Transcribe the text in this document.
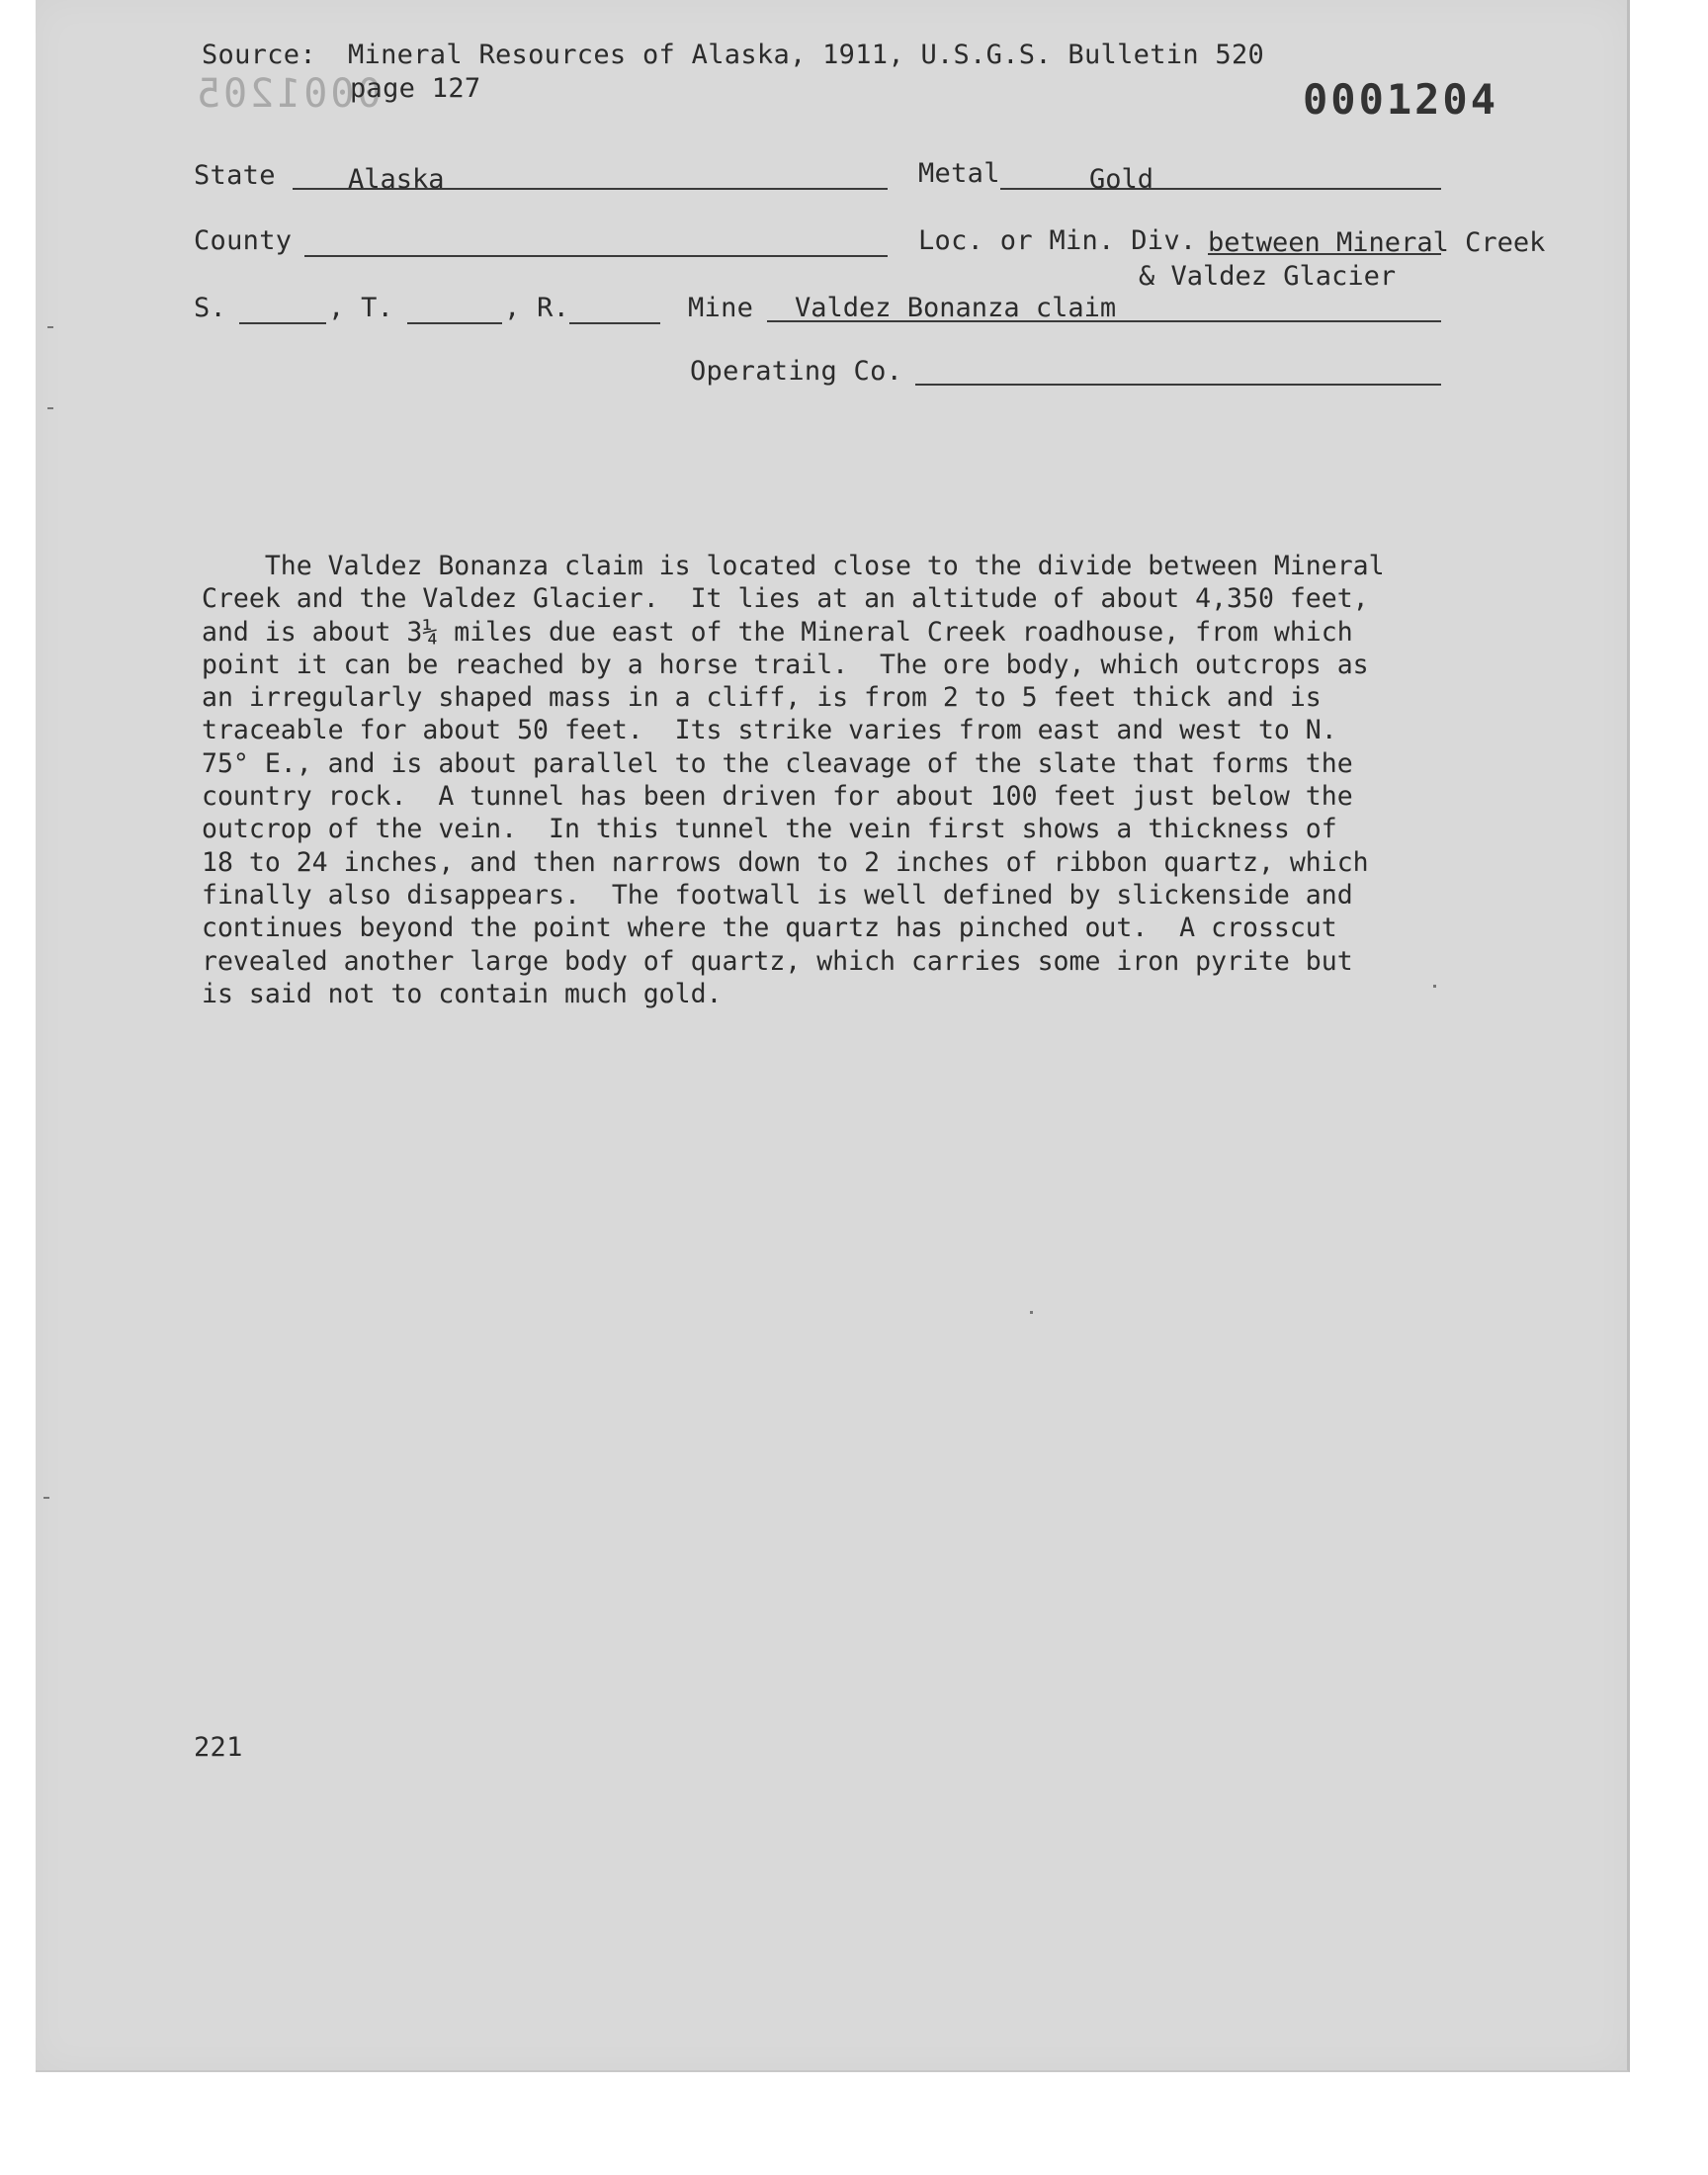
Source: Mineral Resources of Alaska, 1911, U.S.G.S. Bulletin 520
0001205
page 127	0001204
State	Alaska	Metal	Gold
County	Loc. or Min. Div. between Mineral Creek
& Valdez Glacier
S.	, T.	, R.	Mine Valdez Bonanza claim
Operating Co.

The Valdez Bonanza claim is located close to the divide between Mineral

Creek and the Valdez Glacier.  It lies at an altitude of about 4,350 feet,

and is about 3¼ miles due east of the Mineral Creek roadhouse, from which

point it can be reached by a horse trail.  The ore body, which outcrops as

an irregularly shaped mass in a cliff, is from 2 to 5 feet thick and is

traceable for about 50 feet.  Its strike varies from east and west to N.

75° E., and is about parallel to the cleavage of the slate that forms the

country rock.  A tunnel has been driven for about 100 feet just below the

outcrop of the vein.  In this tunnel the vein first shows a thickness of

18 to 24 inches, and then narrows down to 2 inches of ribbon quartz, which

finally also disappears.  The footwall is well defined by slickenside and

continues beyond the point where the quartz has pinched out.  A crosscut

revealed another large body of quartz, which carries some iron pyrite but

is said not to contain much gold.

221
